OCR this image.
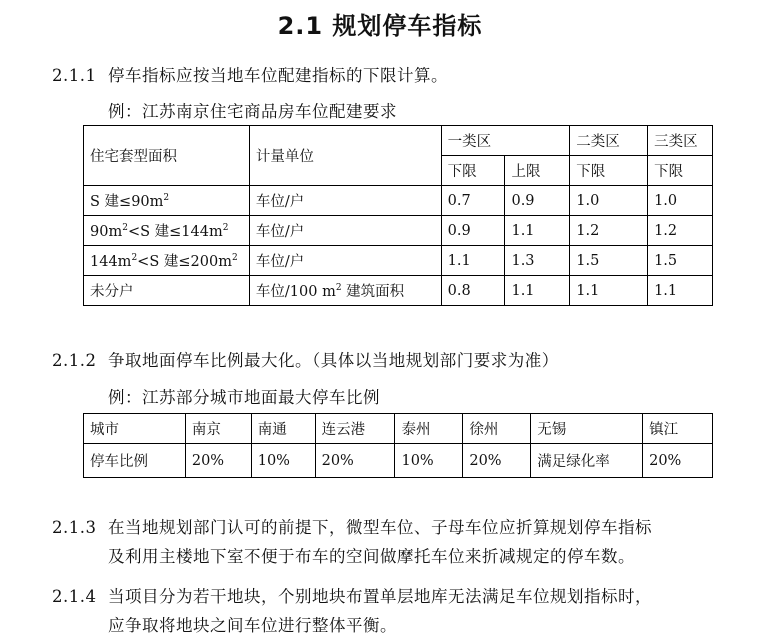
2.1 规划停车指标
2.1.1 停车指标应按当地车位配建指标的下限计算。
例：江苏南京住宅商品房车位配建要求
住宅套型面积	计量单位	一类区		二类区	三类区
		下限	上限	下限	下限
S 建$\le 90m^2$	车位/户	0.7	0.9	1.0	1.0
$90m^2<S$ 建$\le 144m^2$	车位/户	0.9	1.1	1.2	1.2
$144m^2<S$ 建$\le 200m^2$	车位/户	1.1	1.3	1.5	1.5
未分户	车位/100 $m^2$ 建筑面积	0.8	1.1	1.1	1.1
2.1.2 争取地面停车比例最大化。（具体以当地规划部门要求为准）
例：江苏部分城市地面最大停车比例
城市	南京	南通	连云港	泰州	徐州	无锡	镇江
停车比例	20%	10%	20%	10%	20%	满足绿化率	20%
2.1.3 在当地规划部门认可的前提下，微型车位、子母车位应折算规划停车指标
及利用主楼地下室不便于布车的空间做摩托车位来折减规定的停车数。
2.1.4 当项目分为若干地块，个别地块布置单层地库无法满足车位规划指标时，
应争取将地块之间车位进行整体平衡。
